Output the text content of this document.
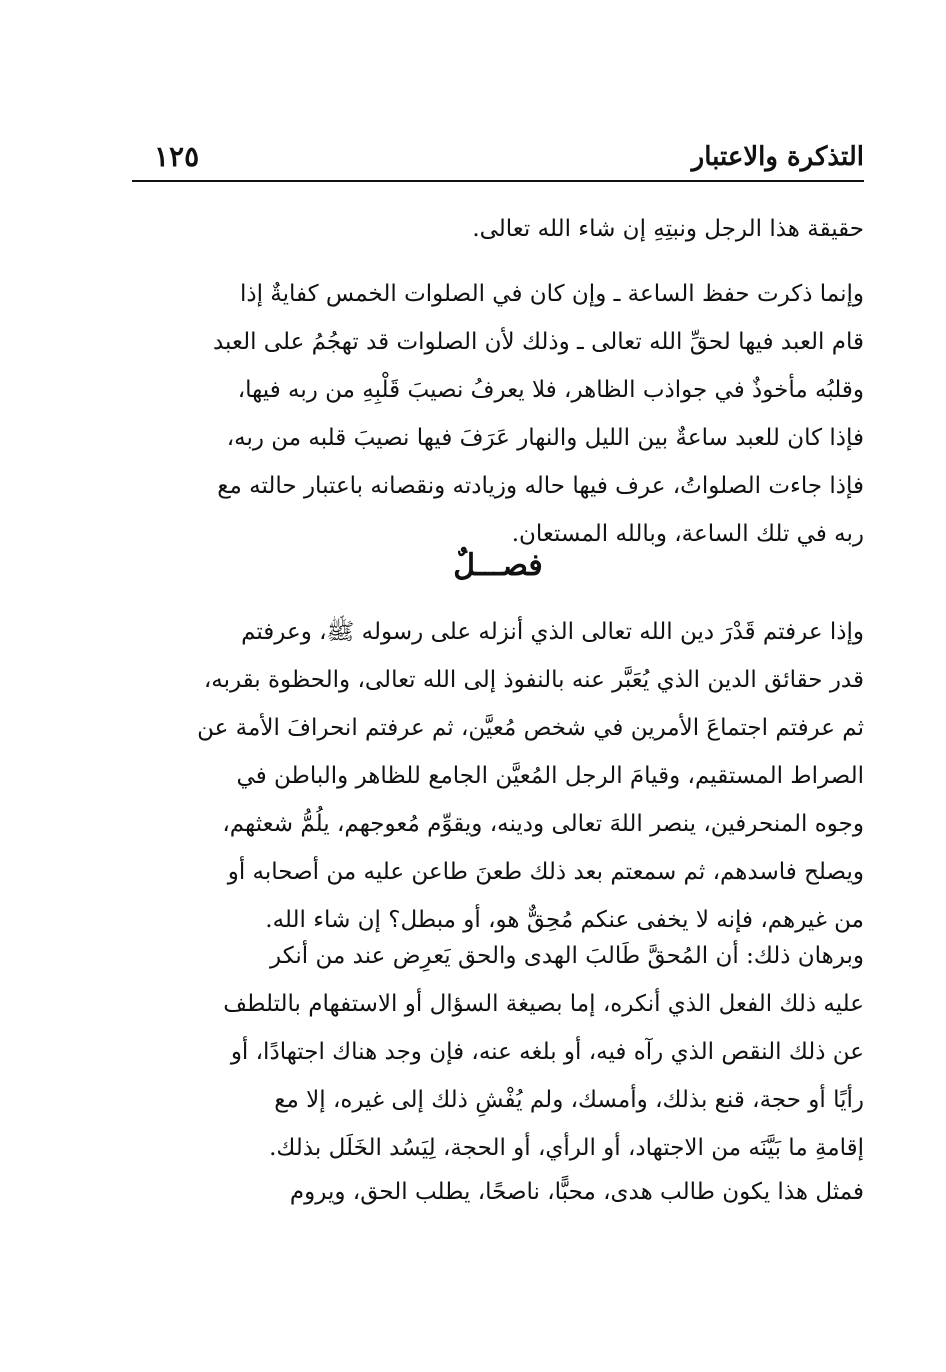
التذكرة والاعتبار
١٢٥
حقيقة هذا الرجل ونبتِهِ إن شاء الله تعالى.
وإنما ذكرت حفظ الساعة ـ وإن كان في الصلوات الخمس كفايةٌ إذا
قام العبد فيها لحقِّ الله تعالى ـ وذلك لأن الصلوات قد تهجُمُ على العبد
وقلبُه مأخوذٌ في جواذب الظاهر، فلا يعرفُ نصيبَ قَلْبِهِ من ربه فيها،
فإذا كان للعبد ساعةٌ بين الليل والنهار عَرَفَ فيها نصيبَ قلبه من ربه،
فإذا جاءت الصلواتُ، عرف فيها حاله وزيادته ونقصانه باعتبار حالته مع
ربه في تلك الساعة، وبالله المستعان.
فصـــلٌ
وإذا عرفتم قَدْرَ دين الله تعالى الذي أنزله على رسوله ﷺ، وعرفتم
قدر حقائق الدين الذي يُعَبَّر عنه بالنفوذ إلى الله تعالى، والحظوة بقربه،
ثم عرفتم اجتماعَ الأمرين في شخص مُعيَّن، ثم عرفتم انحرافَ الأمة عن
الصراط المستقيم، وقيامَ الرجل المُعيَّن الجامع للظاهر والباطن في
وجوه المنحرفين، ينصر اللهَ تعالى ودينه، ويقوِّم مُعوجهم، يلُمُّ شعثهم،
ويصلح فاسدهم، ثم سمعتم بعد ذلك طعنَ طاعن عليه من أصحابه أو
من غيرهم، فإنه لا يخفى عنكم مُحِقٌّ هو، أو مبطل؟ إن شاء الله.
وبرهان ذلك: أن المُحقَّ طَالبَ الهدى والحق يَعرِض عند من أنكر
عليه ذلك الفعل الذي أنكره، إما بصيغة السؤال أو الاستفهام بالتلطف
عن ذلك النقص الذي رآه فيه، أو بلغه عنه، فإن وجد هناك اجتهادًا، أو
رأيًا أو حجة، قنع بذلك، وأمسك، ولم يُفْشِ ذلك إلى غيره، إلا مع
إقامةِ ما بَيَّنَه من الاجتهاد، أو الرأي، أو الحجة، لِيَسُد الخَلَل بذلك.
فمثل هذا يكون طالب هدى، محبًّا، ناصحًا، يطلب الحق، ويروم
